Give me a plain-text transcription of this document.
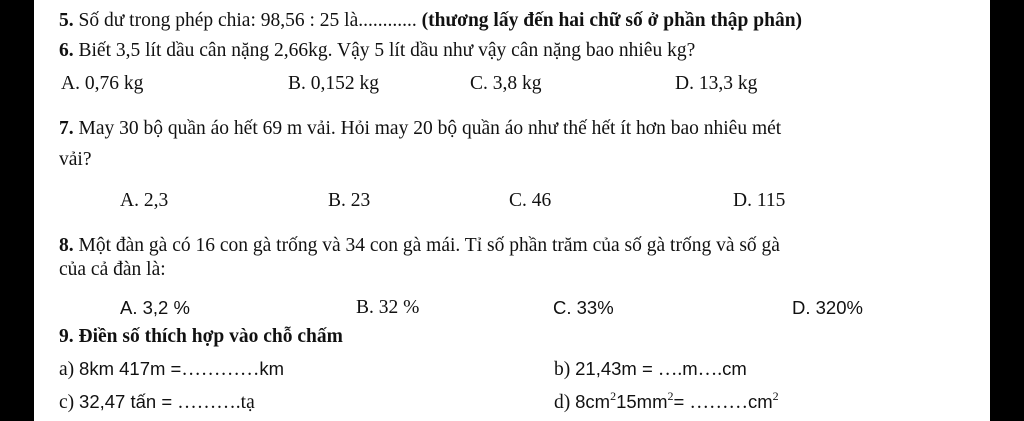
5. Số dư trong phép chia: 98,56 : 25 là............ (thương lấy đến hai chữ số ở phần thập phân)
6. Biết 3,5 lít dầu cân nặng 2,66kg. Vậy 5 lít dầu như vậy cân nặng bao nhiêu kg?
A. 0,76 kg	B. 0,152 kg	C. 3,8 kg	D. 13,3 kg
7. May 30 bộ quần áo hết 69 m vải. Hỏi may 20 bộ quần áo như thế hết ít hơn bao nhiêu mét
vải?
A. 2,3	B. 23	C. 46	D. 115
8. Một đàn gà có 16 con gà trống và 34 con gà mái. Tỉ số phần trăm của số gà trống và số gà
của cả đàn là:
A. 3,2 %	B. 32 %	C. 33%	D. 320%
9. Điền số thích hợp vào chỗ chấm
a) 8km 417m =…………km	b) 21,43m = ….m….cm
c) 32,47 tấn = ……….tạ	d) $8cm^215mm^2=$ $\dots\dots\dots cm^2$
